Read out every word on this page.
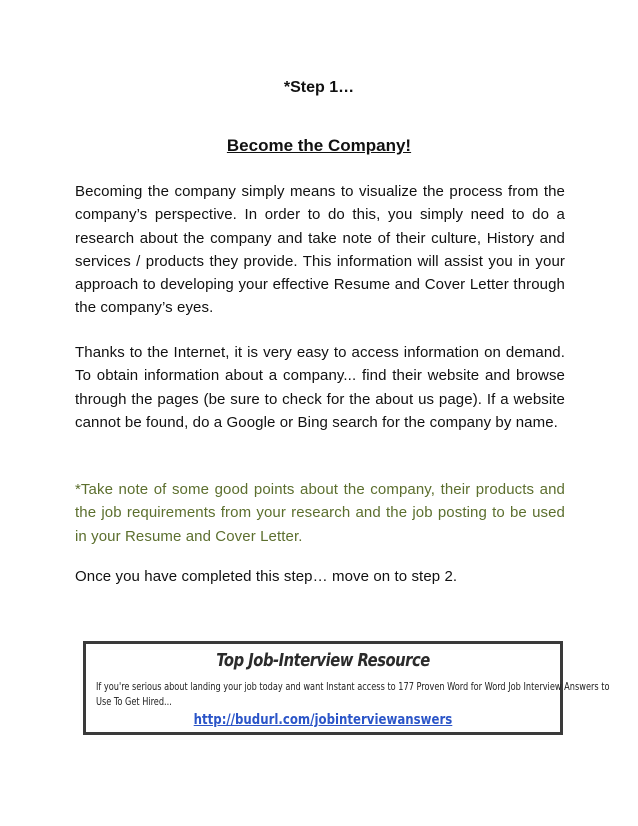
*Step 1…
Become the Company!
Becoming the company simply means to visualize the process from the company’s perspective. In order to do this, you simply need to do a research about the company and take note of their culture, History and services / products they provide. This information will assist you in your approach to developing your effective Resume and Cover Letter through the company’s eyes.
Thanks to the Internet, it is very easy to access information on demand. To obtain information about a company... find their website and browse through the pages (be sure to check for the about us page). If a website cannot be found, do a Google or Bing search for the company by name.
*Take note of some good points about the company, their products and the job requirements from your research and the job posting to be used in your Resume and Cover Letter.
Once you have completed this step… move on to step 2.
Top Job-Interview Resource
If you're serious about landing your job today and want Instant access to 177 Proven Word for Word Job Interview Answers to
Use To Get Hired...
http://budurl.com/jobinterviewanswers
